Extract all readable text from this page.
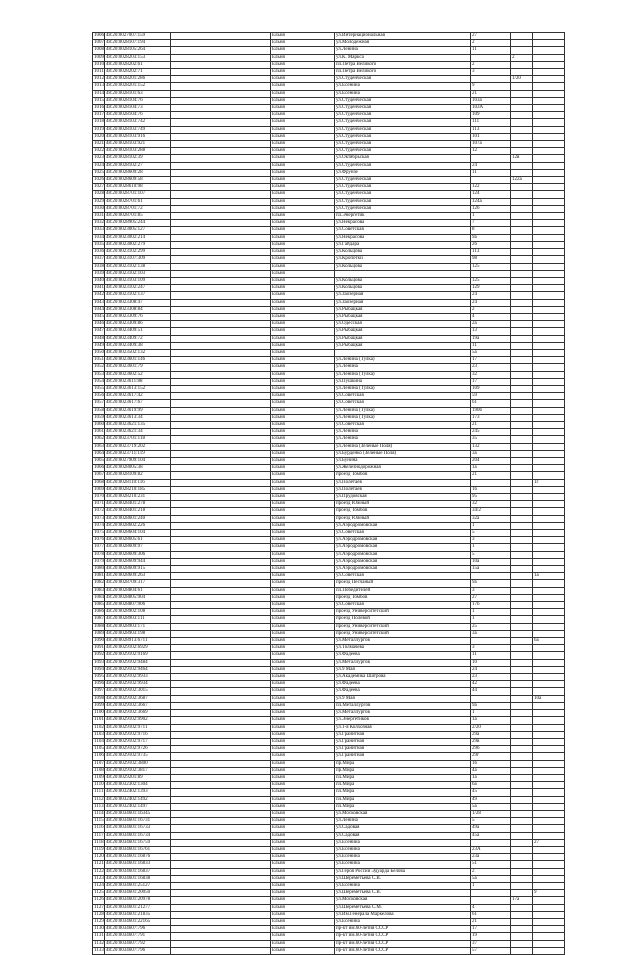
1006	48:20:0027007:159		Ельня	ул.Интернациональная	27		
1007	48:20:0028107:194		Ельня	ул.Молодёжная	2		
1008	48:20:0028105:264		Ельня	ул.Ленина	11		
1009	48:20:0028203:153		Ельня	ул.К. Маркса		2	
1010	48:20:0028202:61		Ельня	пл.Петра Великого	2		
1011	48:20:0028202:71		Ельня	пл.Петра Великого	3		
1012	48:20:0028201:286		Ельня	ул.Студенческая		1/20	
1013	48:20:0028201:152		Ельня	ул.Есенина	9		
1014	48:20:0028101:63		Ельня	ул.Есенина	21		
1015	48:20:0028104:76		Ельня	ул.Студенческая	103а		
1016	48:20:0028104:73		Ельня	ул.Студенческая	103А		
1017	48:20:0028104:76		Ельня	ул.Студенческая	109		
1018	48:20:0028103:742		Ельня	ул.Студенческая	111		
1019	48:20:0028103:749		Ельня	ул.Студенческая	113		
1020	48:20:0028103:916		Ельня	ул.Студенческая	101		
1021	48:20:0028103:921		Ельня	ул.Студенческая	107а		
1022	48:20:0028103:288		Ельня	ул.Студенческая	12		
1023	48:20:0028102:39		Ельня	ул.Октябрьская		12в	
1024	48:20:0028102:27		Ельня	ул.Студенческая	24		
1025	48:20:0028609:28		Ельня	ул.Фрунзе	11		
1026	48:20:0028609:58		Ельня	ул.Студенческая		122а	
1027	48:20:0028610:98		Ельня	ул.Студенческая	122		
1028	48:20:0028701:107		Ельня	ул.Студенческая	124		
1029	48:20:0028701:61		Ельня	ул.Студенческая	124а		
1030	48:20:0028701:72		Ельня	ул.Студенческая	126		
1031	48:20:0028701:85		Ельня	пл.Энергетик	1		
1032	48:20:0028905:244		Ельня	ул.Некрасова	7		
1033	48:20:0023005:127		Ельня	ул.Советская	8		
1034	48:20:0023002:214		Ельня	ул.Некрасова	9а		
1035	48:20:0023002:279		Ельня	ул.Гайдара	26		
1036	48:20:0023102:299		Ельня	ул.Кольцова	113		
1037	48:20:0023107:309		Ельня	ул.Кропотки	98		
1038	48:20:0023102:138		Ельня	ул.Кольцова	125		
1039	48:20:0023102:103		Ельня				
1040	48:20:0023103:109		Ельня	ул.Кольцова	125		
1041	48:20:0023102:247		Ельня	ул.Кольцова	129		
1042	48:20:0023102:137		Ельня	ул.Заозерная	24		
1043	48:20:0023308:47		Ельня	ул.Заозерная	24		
1044	48:20:0023308:84		Ельня	ул.Рыбацкая	2		
1045	48:20:0023309:76		Ельня	ул.Рыбацкая	4		
1046	48:20:0023309:86		Ельня	ул.Одесская	2а		
1047	48:20:0023409:51		Ельня	ул.Рыбацкая	13		
1048	48:20:0023409:72		Ельня	ул.Рыбацкая	19а		
1049	48:20:0023409:38		Ельня	ул.Рыбацкая	11		
1050	48:20:0023502:132		Ельня		5а		
1051	48:20:0023601:146		Ельня	ул.Ленина (Тулка)	17		
1052	48:20:0023601:79		Ельня	ул.Ленина	23		
1053	48:20:0023602:52		Ельня	ул.Ленина (Тулка)	32		
1054	48:20:0023611:88		Ельня	ул.Пушкина	17		
1055	48:20:0023613:152		Ельня	ул.Ленина (Тулка)	109		
1056	48:20:0023617:42		Ельня	ул.Советская	59		
1057	48:20:0023617:67		Ельня	ул.Советская	61		
1058	48:20:0023619:99		Ельня	ул.Ленина (Тулка)	190б		
1059	48:20:0023613:34		Ельня	ул.Ленина (Тулка)	173		
1060	48:20:0023621:135		Ельня	ул.Советская	21		
1061	48:20:0023621:34		Ельня	ул.Ленина	245		
1062	48:20:0023701:118		Ельня	ул.Ленина	35		
1063	48:20:0023719:202		Ельня	ул.Ленина (Зеленые Поля)	132		
1064	48:20:0023711:119		Ельня	ул.Бурденко (Зеленые Поля)	3а		
1065	48:20:0027909:104		Ельня	ул.Бунина	204		
1066	48:20:0028005:38		Ельня	ул.Железнодорожная	1а		
1067	48:20:0028109:82		Ельня	проезд Томбов	21		
1068	48:20:0028110:116		Ельня	ул.Полетаев			1г
1069	48:20:0028210:185		Ельня	ул.Полетаев	1б		
1070	48:20:0028210:231		Ельня	ул.Прудовская	95		
1071	48:20:0028401:278		Ельня	проезд Южный	32		
1072	48:20:0028401:218		Ельня	проезд Томбов	34/2		
1073	48:20:0028601:240		Ельня	проезд Южный	32а		
1074	48:20:0028602:226		Ельня	ул.Аэродромовская	1		
1075	48:20:0028604:104		Ельня	ул.Советская	5		
1076	48:20:0028605:61		Ельня	ул.Аэродромовская	3		
1077	48:20:0028609:97		Ельня	ул.Аэродромовская	1		
1078	48:20:0028609:306		Ельня	ул.Аэродромовская	5		
1079	48:20:0028609:944		Ельня	ул.Аэродромовская	10а		
1080	48:20:0028609:915		Ельня	ул.Аэродромовская	15а		
1081	48:20:0028609:263		Ельня	ул.Советская			1а
1082	48:20:0028709:317		Ельня	проезд Песчаный	9а		
1083	48:20:0028804:61		Ельня	пл.Победителей	3		
1084	48:20:0028805:904		Ельня	проезд Томбов	27		
1085	48:20:0028807:906		Ельня	ул.Советская	17б		
1086	48:20:0028902:108		Ельня	проезд Университетский	1		
1087	48:20:0028903:111		Ельня	проезд Полевой	1		
1088	48:20:0028903:171		Ельня	проезд Университетский	25		
1089	48:20:0028903:198		Ельня	проезд Университетский	3а		
1090	48:20:0028913:6711		Ельня	ул.Металлургов			6а
1091	48:20:0029102:6929		Ельня	ул.Толмачева	3		
1092	48:20:0029102:9169		Ельня	ул.Фадеева	11		
1093	48:20:0029102:9484		Ельня	ул.Металлургов	10		
1094	48:20:0029102:9464		Ельня	ул.9 Мая	24		
1095	48:20:0029102:9933		Ельня	ул.Академика Шатрова	23		
1096	48:20:0029102:9934		Ельня	ул.Фадеева	42		
1097	48:20:0029102:3015		Ельня	ул.Фадеева	44		
1098	48:20:0029102:3687		Ельня	ул.9 Мая			10а
1099	48:20:0029102:3667		Ельня	пл.Металлургов	9а		
1100	48:20:0029102:3669		Ельня	ул.Металлургов	1		
1101	48:20:0029102:9902		Ельня	ул.Энергетиков	1а		
1102	48:20:0029102:9711		Ельня	ул.1-я Колхозная	2/20		
1103	48:20:0029102:9716		Ельня	ул.Гранитная	29а		
1104	48:20:0029102:9717		Ельня	ул.Гранитная	29в		
1105	48:20:0029102:9726		Ельня	ул.Гранитная	29б		
1106	48:20:0029102:9735		Ельня	ул.Гранитная	29г		
1107	48:20:0029102:3800		Ельня	пр.Мира	1б		
1108	48:20:0029102:3817		Ельня	пр.Мира	4а		
1109	48:20:0029201:89		Ельня	пл.Мира	1а		
1110	48:20:0032302:1304		Ельня	пл.Мира	6а		
1111	48:20:0032402:1393		Ельня	пл.Мира	45		
1112	48:20:0032402:1492		Ельня	пл.Мира	49		
1113	48:20:0032402:1497		Ельня	пл.Мира	5а		
1114	48:20:0034601:16345		Ельня	ул.Московская	1/28		
1115	48:20:0034601:16731		Ельня	ул.Ленина	5		
1116	48:20:0034601:16733		Ельня	ул.Садовая	49а		
1117	48:20:0034601:16734		Ельня	ул.Садовая	45а		
1118	48:20:0034601:16759		Ельня	ул.Есенина			27
1119	48:20:0034601:16761		Ельня	ул.Есенина	23А		
1120	48:20:0034601:16876		Ельня	ул.Есенина	23а		
1121	48:20:0034601:16833		Ельня	ул.Есенина	51		
1122	48:20:0034601:16837		Ельня	ул.Героя России Эдуарда Белова	2		
1123	48:20:0034601:16838		Ельня	ул.Шереметьева С.В.	5а		
1124	48:20:0034601:25127		Ельня	ул.Есенина	1		
1125	48:20:0034601:20050		Ельня	ул.Шереметьева С.В.			9
1126	48:20:0034601:20978		Ельня	ул.Московская		17а	
1127	48:20:0034601:21277		Ельня	ул.Шереметьева С.М.	4		
1128	48:20:0034601:21835		Ельня	ул.Им.Генерала Маркелова	61		
1129	48:20:0034601:22165		Ельня	ул.Есенина	21		
1130	48:20:0034607:796		Ельня	пр-кт им.60-летия СССР	17		
1131	48:20:0034607:791		Ельня	пр-кт им.60-летия СССР	19		
1132	48:20:0034607:792		Ельня	пр-кт им.60-летия СССР	37		
1133	48:20:0034607:796		Ельня	пр-кт им.60-летия СССР	57		
